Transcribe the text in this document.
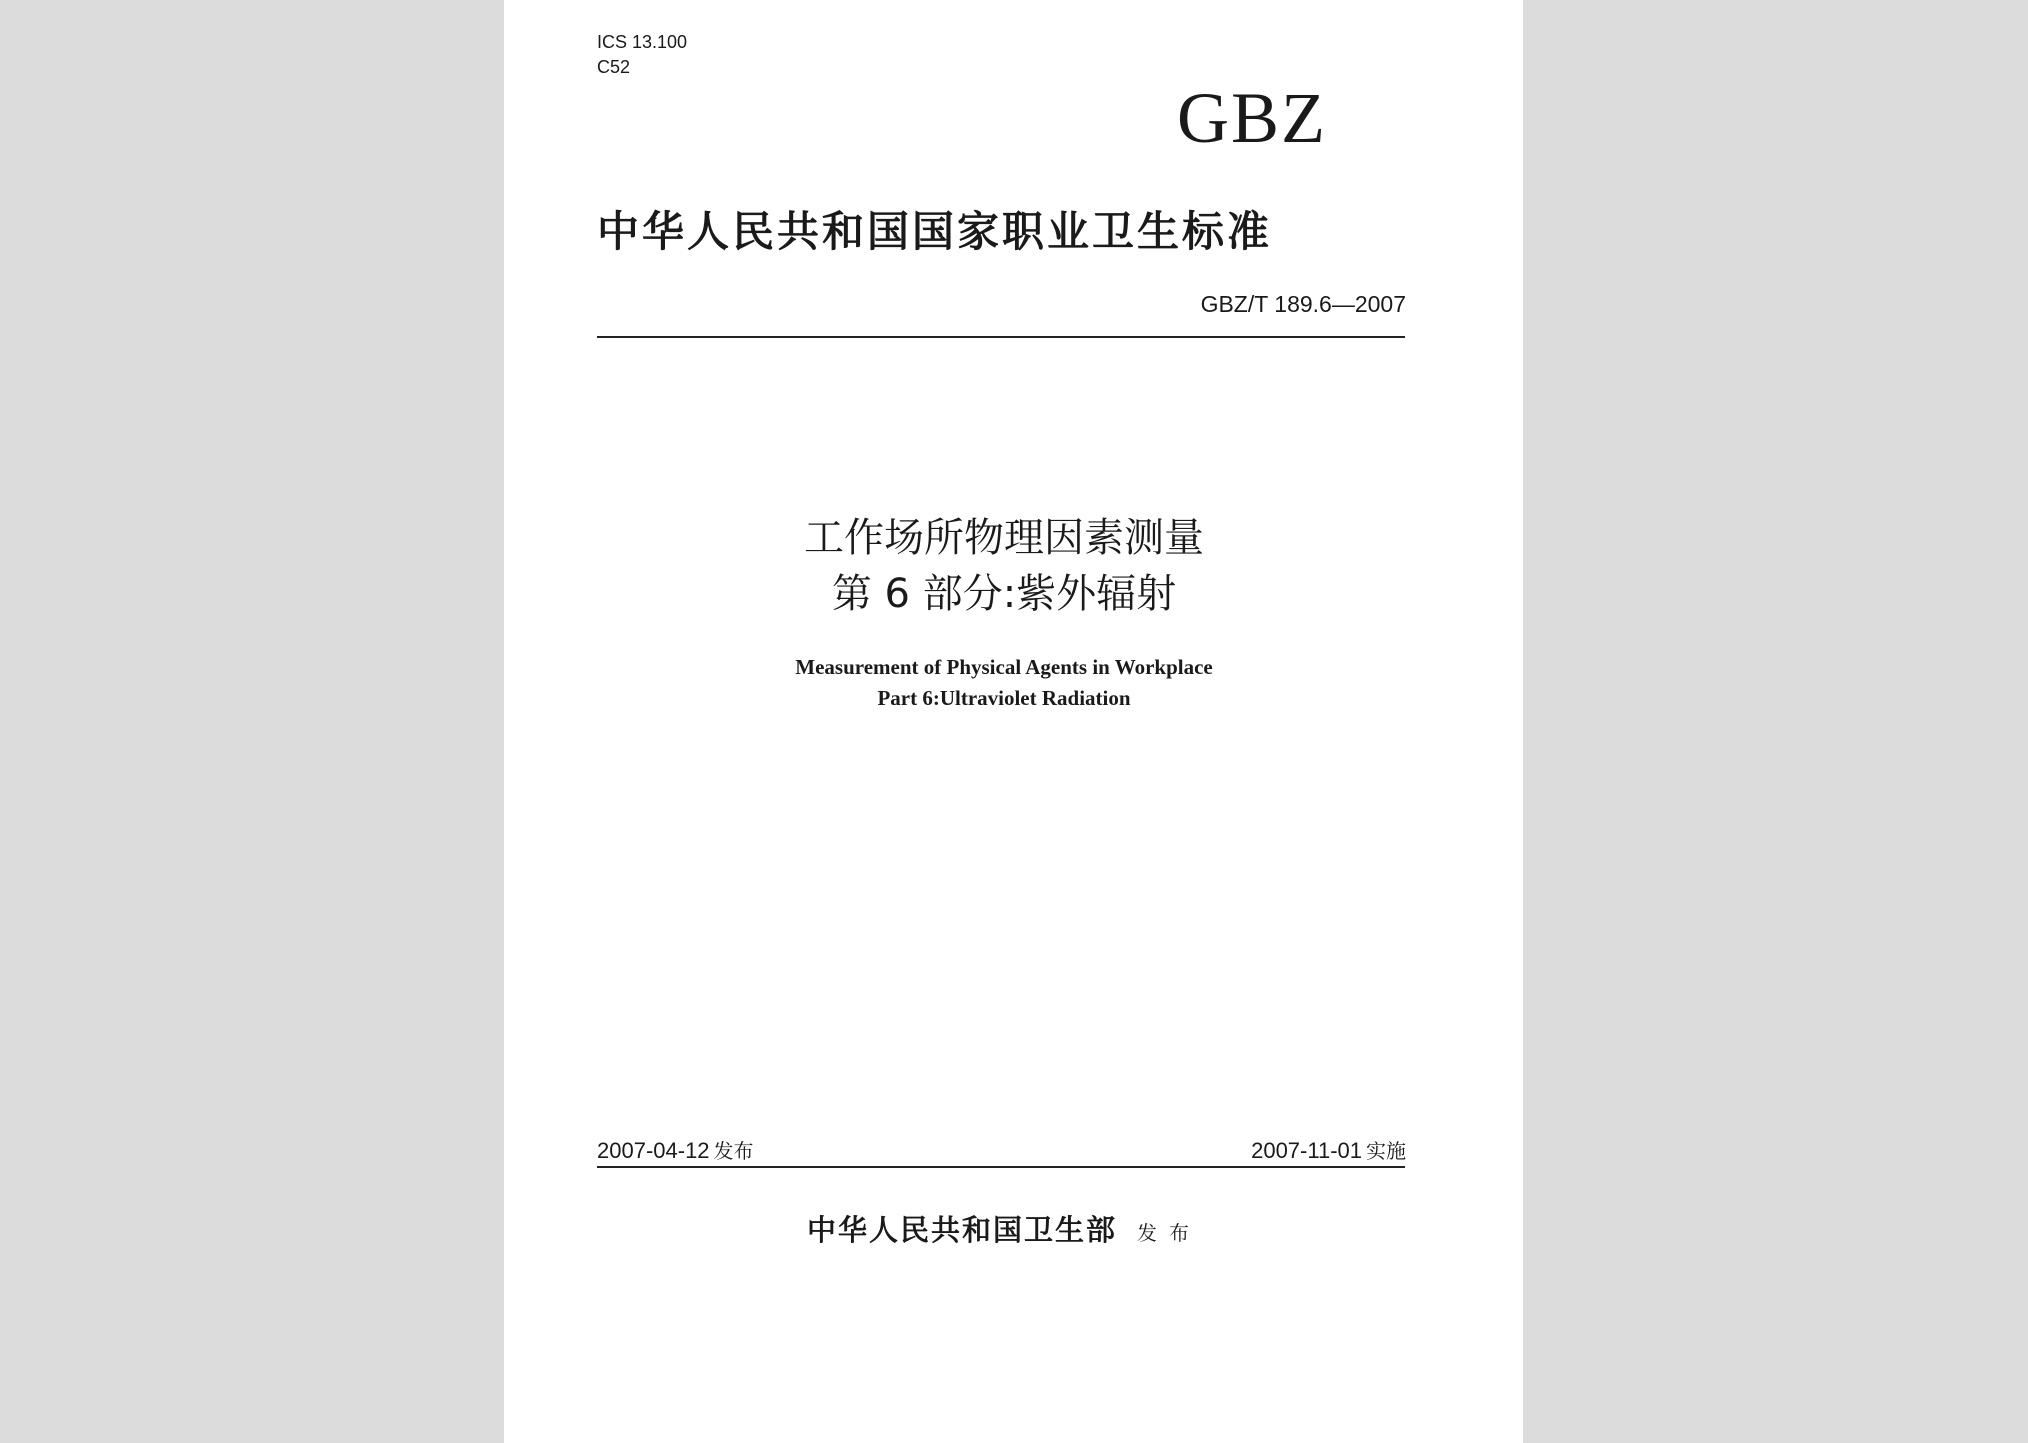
ICS 13.100
C52
GBZ
中华人民共和国国家职业卫生标准
GBZ/T 189.6—2007
工作场所物理因素测量
第 6 部分:紫外辐射
Measurement of Physical Agents in Workplace
Part 6:Ultraviolet Radiation
2007-04-12 发布	2007-11-01 实施
中华人民共和国卫生部 发布
